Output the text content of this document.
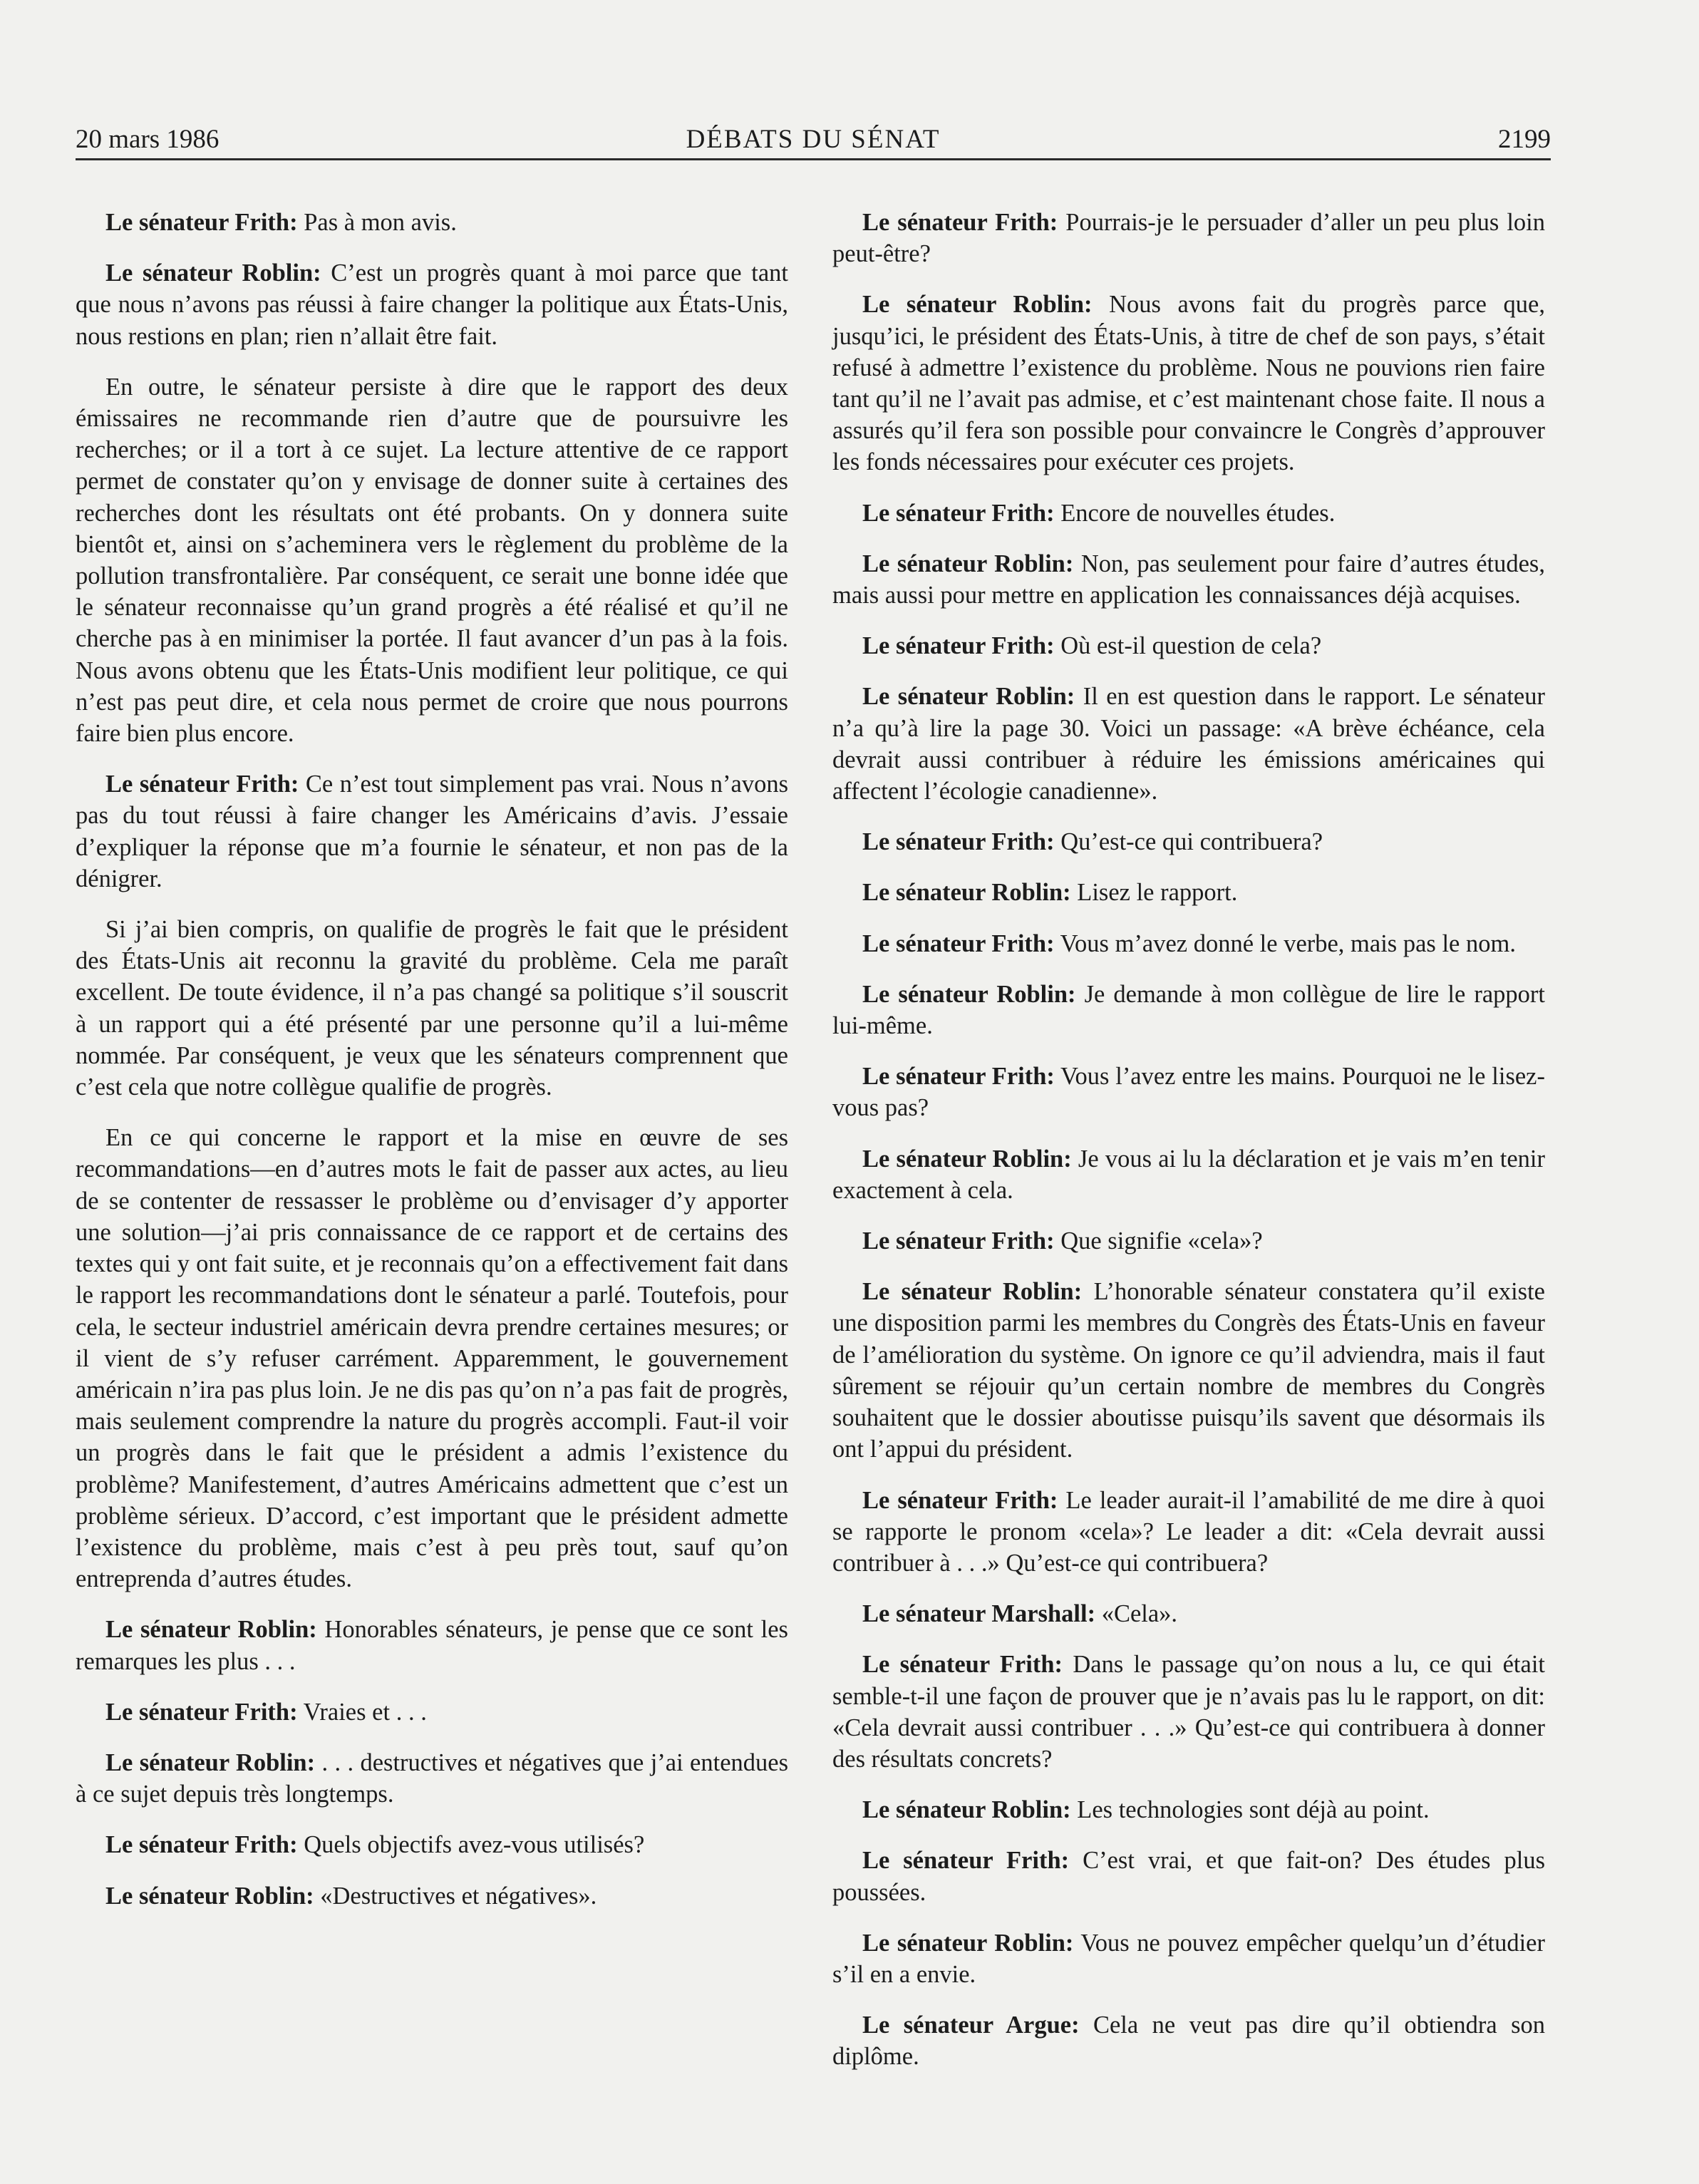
20 mars 1986	DÉBATS DU SÉNAT	2199

Le sénateur Frith: Pas à mon avis.

Le sénateur Roblin: C’est un progrès quant à moi parce que tant que nous n’avons pas réussi à faire changer la politique aux États-Unis, nous restions en plan; rien n’allait être fait.

En outre, le sénateur persiste à dire que le rapport des deux émissaires ne recommande rien d’autre que de poursuivre les recherches; or il a tort à ce sujet. La lecture attentive de ce rapport permet de constater qu’on y envisage de donner suite à certaines des recherches dont les résultats ont été probants. On y donnera suite bientôt et, ainsi on s’acheminera vers le règlement du problème de la pollution transfrontalière. Par conséquent, ce serait une bonne idée que le sénateur reconnaisse qu’un grand progrès a été réalisé et qu’il ne cherche pas à en minimiser la portée. Il faut avancer d’un pas à la fois. Nous avons obtenu que les États-Unis modifient leur politique, ce qui n’est pas peut dire, et cela nous permet de croire que nous pourrons faire bien plus encore.

Le sénateur Frith: Ce n’est tout simplement pas vrai. Nous n’avons pas du tout réussi à faire changer les Américains d’avis. J’essaie d’expliquer la réponse que m’a fournie le sénateur, et non pas de la dénigrer.

Si j’ai bien compris, on qualifie de progrès le fait que le président des États-Unis ait reconnu la gravité du problème. Cela me paraît excellent. De toute évidence, il n’a pas changé sa politique s’il souscrit à un rapport qui a été présenté par une personne qu’il a lui-même nommée. Par conséquent, je veux que les sénateurs comprennent que c’est cela que notre collègue qualifie de progrès.

En ce qui concerne le rapport et la mise en œuvre de ses recommandations—en d’autres mots le fait de passer aux actes, au lieu de se contenter de ressasser le problème ou d’envisager d’y apporter une solution—j’ai pris connaissance de ce rapport et de certains des textes qui y ont fait suite, et je reconnais qu’on a effectivement fait dans le rapport les recommandations dont le sénateur a parlé. Toutefois, pour cela, le secteur industriel américain devra prendre certaines mesures; or il vient de s’y refuser carrément. Apparemment, le gouvernement américain n’ira pas plus loin. Je ne dis pas qu’on n’a pas fait de progrès, mais seulement comprendre la nature du progrès accompli. Faut-il voir un progrès dans le fait que le président a admis l’existence du problème? Manifestement, d’autres Américains admettent que c’est un problème sérieux. D’accord, c’est important que le président admette l’existence du problème, mais c’est à peu près tout, sauf qu’on entreprenda d’autres études.

Le sénateur Roblin: Honorables sénateurs, je pense que ce sont les remarques les plus . . .

Le sénateur Frith: Vraies et . . .

Le sénateur Roblin: . . . destructives et négatives que j’ai entendues à ce sujet depuis très longtemps.

Le sénateur Frith: Quels objectifs avez-vous utilisés?

Le sénateur Roblin: «Destructives et négatives».

Le sénateur Frith: Pourrais-je le persuader d’aller un peu plus loin peut-être?

Le sénateur Roblin: Nous avons fait du progrès parce que, jusqu’ici, le président des États-Unis, à titre de chef de son pays, s’était refusé à admettre l’existence du problème. Nous ne pouvions rien faire tant qu’il ne l’avait pas admise, et c’est maintenant chose faite. Il nous a assurés qu’il fera son possible pour convaincre le Congrès d’approuver les fonds nécessaires pour exécuter ces projets.

Le sénateur Frith: Encore de nouvelles études.

Le sénateur Roblin: Non, pas seulement pour faire d’autres études, mais aussi pour mettre en application les connaissances déjà acquises.

Le sénateur Frith: Où est-il question de cela?

Le sénateur Roblin: Il en est question dans le rapport. Le sénateur n’a qu’à lire la page 30. Voici un passage: «A brève échéance, cela devrait aussi contribuer à réduire les émissions américaines qui affectent l’écologie canadienne».

Le sénateur Frith: Qu’est-ce qui contribuera?

Le sénateur Roblin: Lisez le rapport.

Le sénateur Frith: Vous m’avez donné le verbe, mais pas le nom.

Le sénateur Roblin: Je demande à mon collègue de lire le rapport lui-même.

Le sénateur Frith: Vous l’avez entre les mains. Pourquoi ne le lisez-vous pas?

Le sénateur Roblin: Je vous ai lu la déclaration et je vais m’en tenir exactement à cela.

Le sénateur Frith: Que signifie «cela»?

Le sénateur Roblin: L’honorable sénateur constatera qu’il existe une disposition parmi les membres du Congrès des États-Unis en faveur de l’amélioration du système. On ignore ce qu’il adviendra, mais il faut sûrement se réjouir qu’un certain nombre de membres du Congrès souhaitent que le dossier aboutisse puisqu’ils savent que désormais ils ont l’appui du président.

Le sénateur Frith: Le leader aurait-il l’amabilité de me dire à quoi se rapporte le pronom «cela»? Le leader a dit: «Cela devrait aussi contribuer à . . .» Qu’est-ce qui contribuera?

Le sénateur Marshall: «Cela».

Le sénateur Frith: Dans le passage qu’on nous a lu, ce qui était semble-t-il une façon de prouver que je n’avais pas lu le rapport, on dit: «Cela devrait aussi contribuer . . .» Qu’est-ce qui contribuera à donner des résultats concrets?

Le sénateur Roblin: Les technologies sont déjà au point.

Le sénateur Frith: C’est vrai, et que fait-on? Des études plus poussées.

Le sénateur Roblin: Vous ne pouvez empêcher quelqu’un d’étudier s’il en a envie.

Le sénateur Argue: Cela ne veut pas dire qu’il obtiendra son diplôme.
